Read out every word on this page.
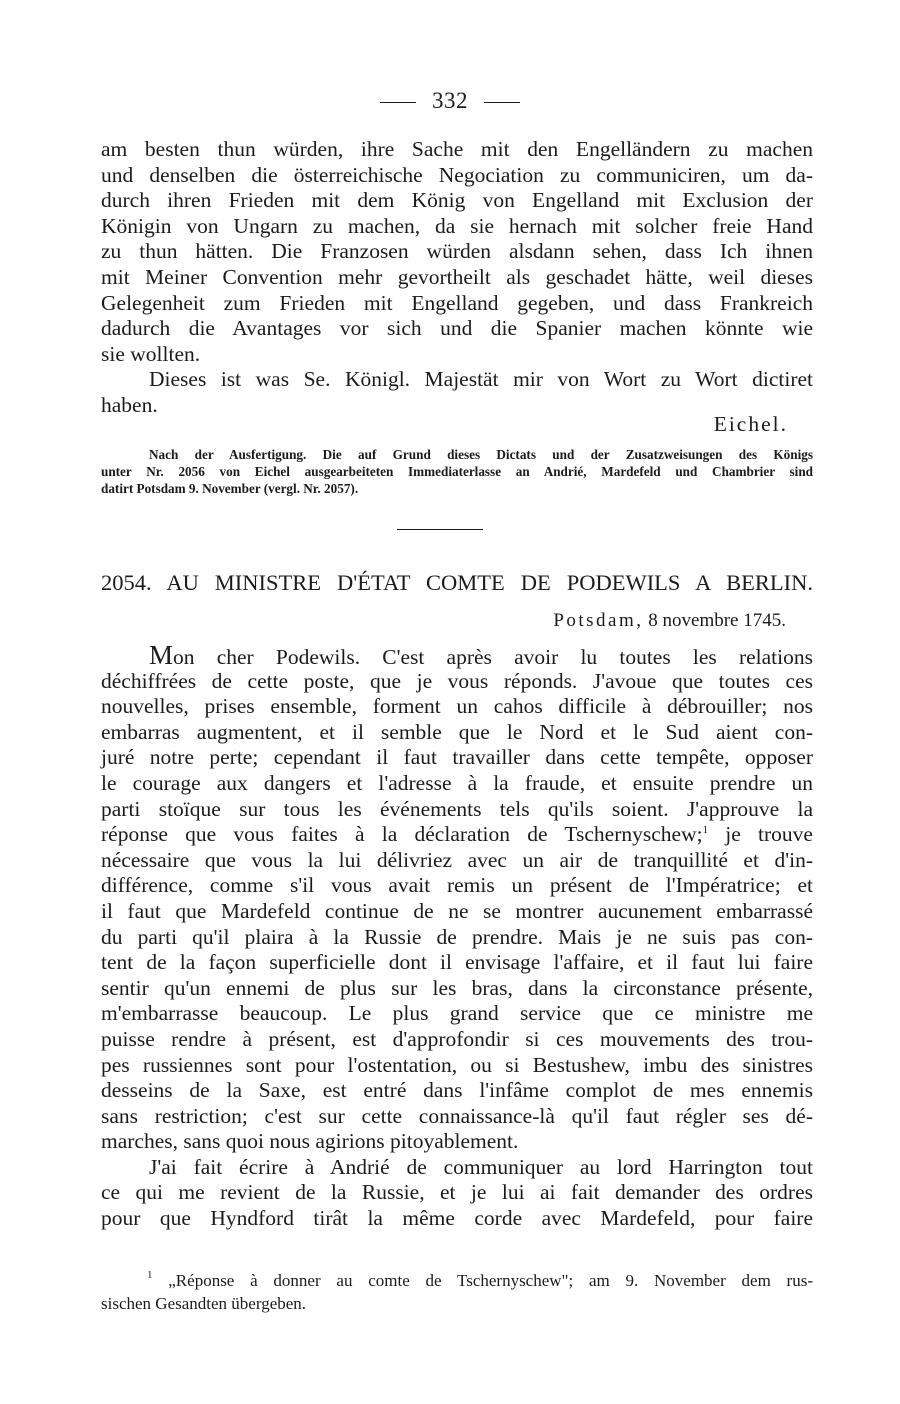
332
am besten thun würden, ihre Sache mit den Engelländern zu machen
und denselben die österreichische Negociation zu communiciren, um da-
durch ihren Frieden mit dem König von Engelland mit Exclusion der
Königin von Ungarn zu machen, da sie hernach mit solcher freie Hand
zu thun hätten. Die Franzosen würden alsdann sehen, dass Ich ihnen
mit Meiner Convention mehr gevortheilt als geschadet hätte, weil dieses
Gelegenheit zum Frieden mit Engelland gegeben, und dass Frankreich
dadurch die Avantages vor sich und die Spanier machen könnte wie
sie wollten.
Dieses ist was Se. Königl. Majestät mir von Wort zu Wort dictiret
haben.
Eichel.
Nach der Ausfertigung. Die auf Grund dieses Dictats und der Zusatzweisungen des Königs
unter Nr. 2056 von Eichel ausgearbeiteten Immediaterlasse an Andrié, Mardefeld und Chambrier sind
datirt Potsdam 9. November (vergl. Nr. 2057).
2054. AU MINISTRE D'ÉTAT COMTE DE PODEWILS A BERLIN.
Potsdam, 8 novembre 1745.
Mon cher Podewils. C'est après avoir lu toutes les relations
déchiffrées de cette poste, que je vous réponds. J'avoue que toutes ces
nouvelles, prises ensemble, forment un cahos difficile à débrouiller; nos
embarras augmentent, et il semble que le Nord et le Sud aient con-
juré notre perte; cependant il faut travailler dans cette tempête, opposer
le courage aux dangers et l'adresse à la fraude, et ensuite prendre un
parti stoïque sur tous les événements tels qu'ils soient. J'approuve la
réponse que vous faites à la déclaration de Tschernyschew;$^1$ je trouve
nécessaire que vous la lui délivriez avec un air de tranquillité et d'in-
différence, comme s'il vous avait remis un présent de l'Impératrice; et
il faut que Mardefeld continue de ne se montrer aucunement embarrassé
du parti qu'il plaira à la Russie de prendre. Mais je ne suis pas con-
tent de la façon superficielle dont il envisage l'affaire, et il faut lui faire
sentir qu'un ennemi de plus sur les bras, dans la circonstance présente,
m'embarrasse beaucoup. Le plus grand service que ce ministre me
puisse rendre à présent, est d'approfondir si ces mouvements des trou-
pes russiennes sont pour l'ostentation, ou si Bestushew, imbu des sinistres
desseins de la Saxe, est entré dans l'infâme complot de mes ennemis
sans restriction; c'est sur cette connaissance-là qu'il faut régler ses dé-
marches, sans quoi nous agirions pitoyablement.
J'ai fait écrire à Andrié de communiquer au lord Harrington tout
ce qui me revient de la Russie, et je lui ai fait demander des ordres
pour que Hyndford tirât la même corde avec Mardefeld, pour faire
$^1$ „Réponse à donner au comte de Tschernyschew"; am 9. November dem rus-
sischen Gesandten übergeben.
